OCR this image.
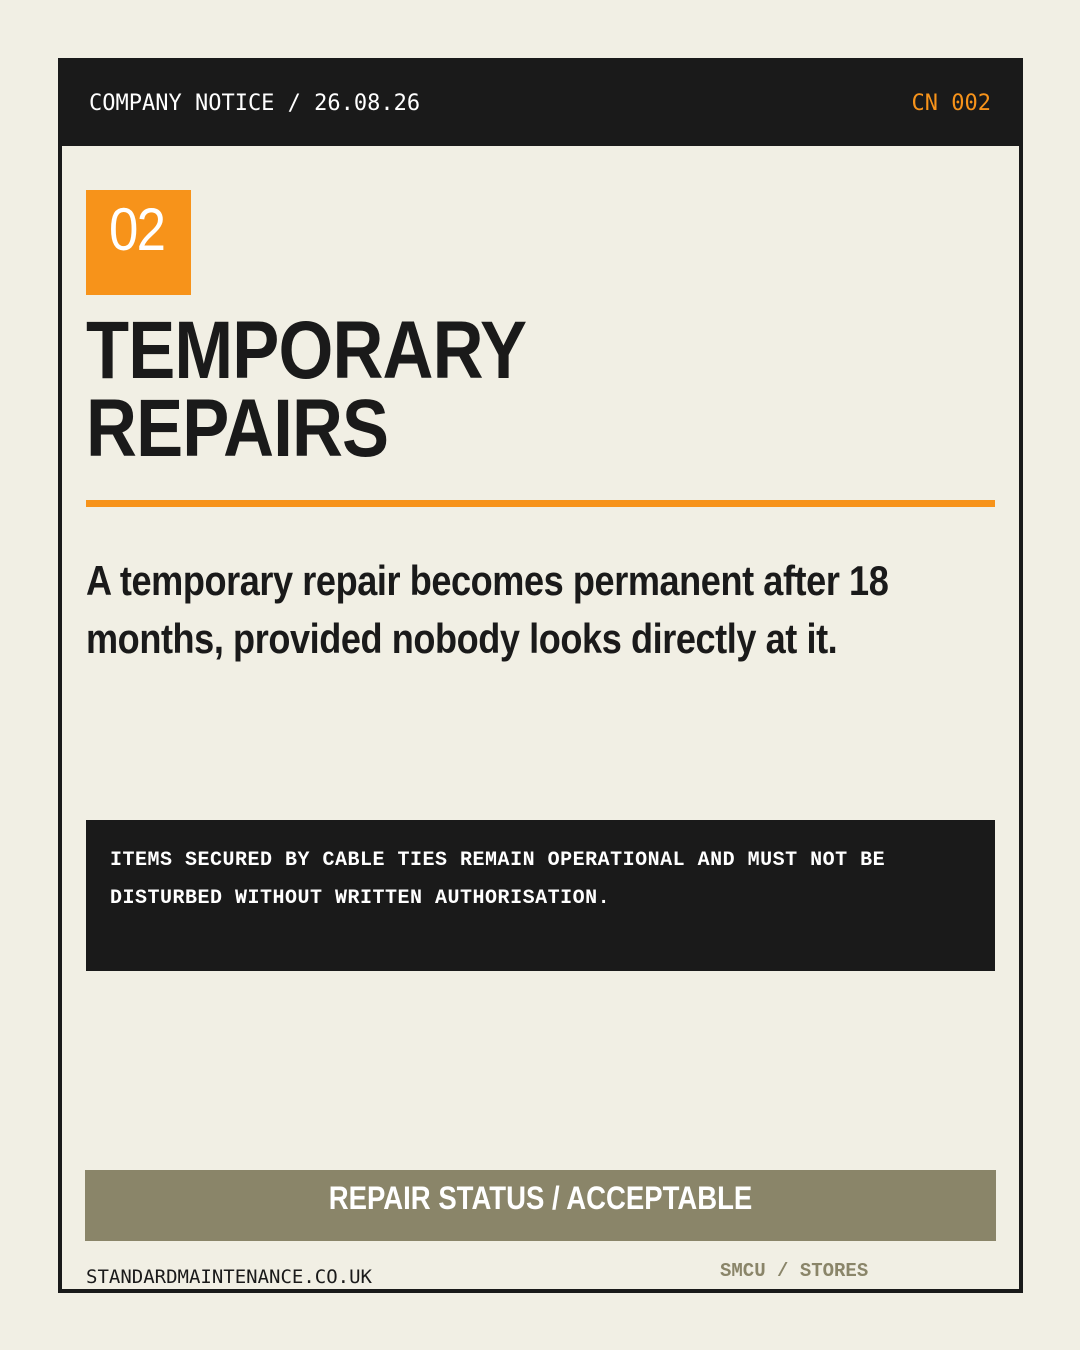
COMPANY NOTICE / 26.08.26	CN 002
02
TEMPORARY
REPAIRS

A temporary repair becomes permanent after 18 months, provided nobody looks directly at it.

ITEMS SECURED BY CABLE TIES REMAIN OPERATIONAL AND MUST NOT BE DISTURBED WITHOUT WRITTEN AUTHORISATION.
REPAIR STATUS / ACCEPTABLE
STANDARDMAINTENANCE.CO.UK	SMCU / STORES
